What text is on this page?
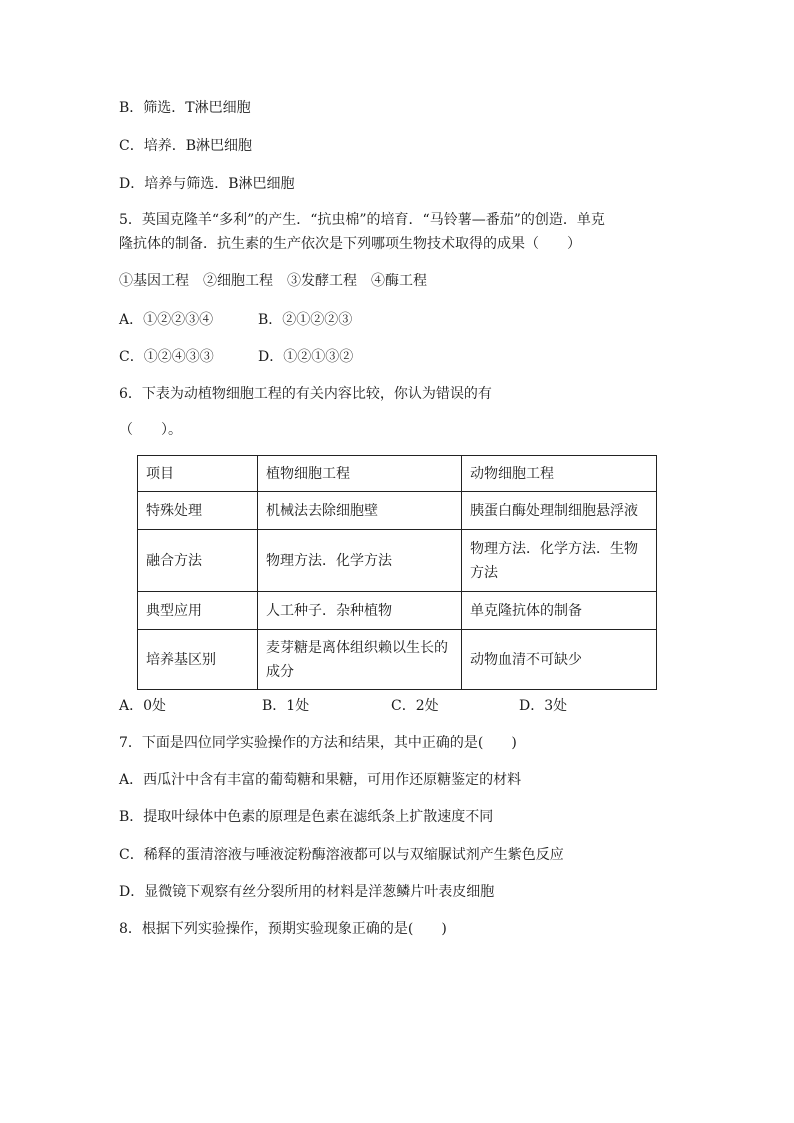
B．筛选．T淋巴细胞
C．培养．B淋巴细胞
D．培养与筛选．B淋巴细胞
5．英国克隆羊“多利”的产生．“抗虫棉”的培育．“马铃薯—番茄”的创造．单克
隆抗体的制备．抗生素的生产依次是下列哪项生物技术取得的成果（　　）
①基因工程　②细胞工程　③发酵工程　④酶工程
A．①②②③④	B．②①②②③
C．①②④③③	D．①②①③②
6．下表为动植物细胞工程的有关内容比较，你认为错误的有
（　　）。
项目	植物细胞工程	动物细胞工程
特殊处理	机械法去除细胞壁	胰蛋白酶处理制细胞悬浮液
融合方法	物理方法．化学方法	物理方法．化学方法．生物方法
典型应用	人工种子．杂种植物	单克隆抗体的制备
培养基区别	麦芽糖是离体组织赖以生长的成分	动物血清不可缺少
A．0处	B．1处	C．2处	D．3处
7．下面是四位同学实验操作的方法和结果，其中正确的是(　　)
A．西瓜汁中含有丰富的葡萄糖和果糖，可用作还原糖鉴定的材料
B．提取叶绿体中色素的原理是色素在滤纸条上扩散速度不同
C．稀释的蛋清溶液与唾液淀粉酶溶液都可以与双缩脲试剂产生紫色反应
D．显微镜下观察有丝分裂所用的材料是洋葱鳞片叶表皮细胞
8．根据下列实验操作，预期实验现象正确的是(　　)
